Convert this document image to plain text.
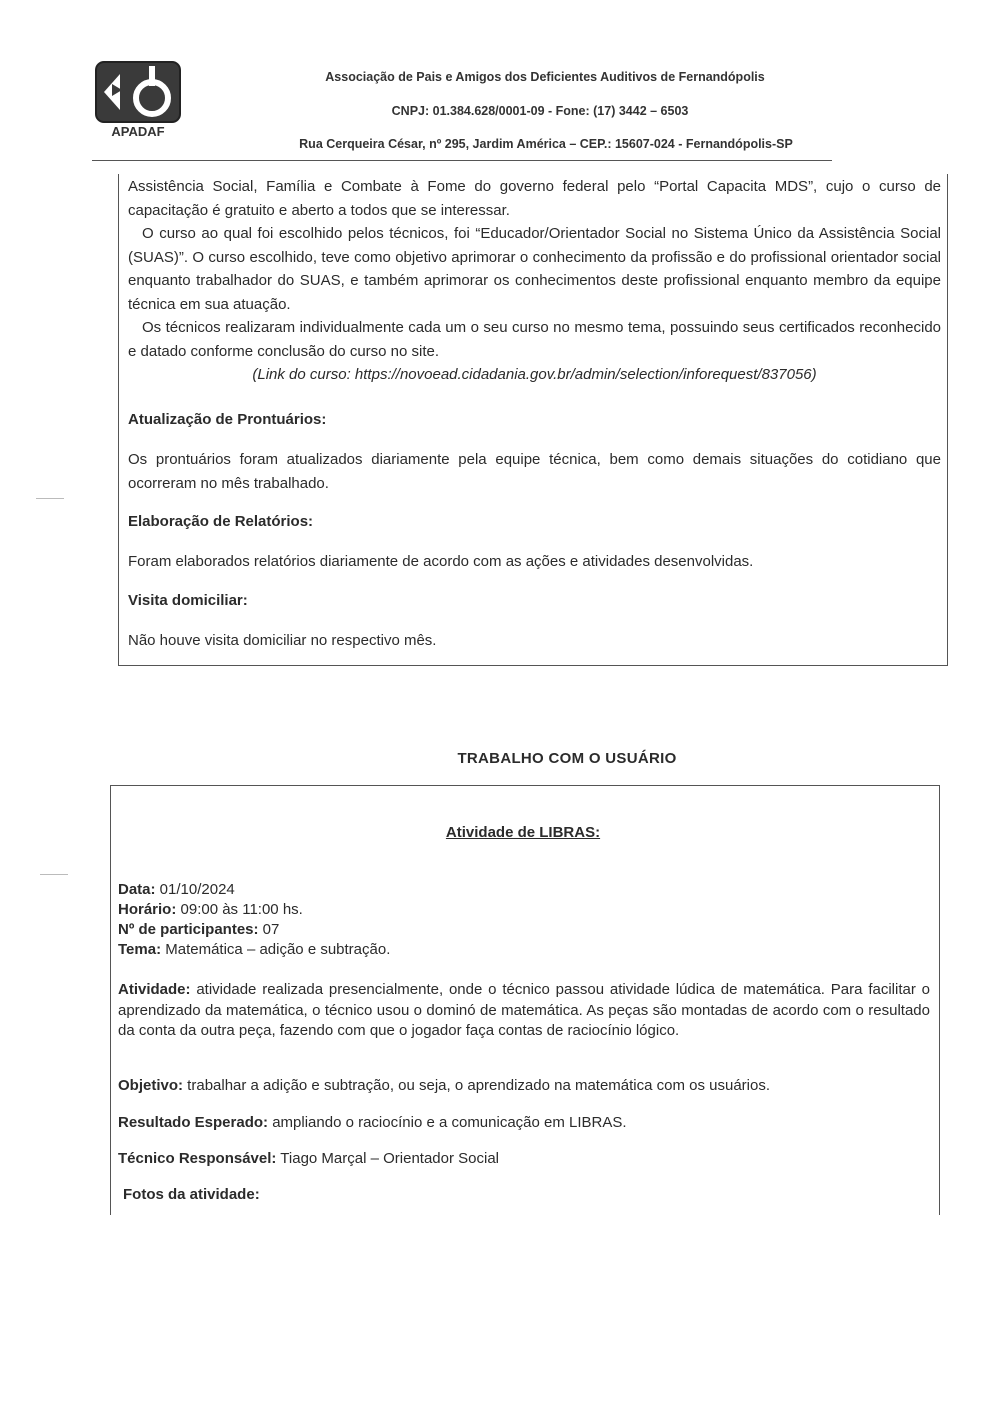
APADAF
Associação de Pais e Amigos dos Deficientes Auditivos de Fernandópolis
CNPJ: 01.384.628/0001-09 - Fone: (17) 3442 – 6503
Rua Cerqueira César, nº 295, Jardim América – CEP.: 15607-024 - Fernandópolis-SP
Assistência Social, Família e Combate à Fome do governo federal pelo “Portal Capacita MDS”, cujo o curso de capacitação é gratuito e aberto a todos que se interessar.
O curso ao qual foi escolhido pelos técnicos, foi “Educador/Orientador Social no Sistema Único da Assistência Social (SUAS)”. O curso escolhido, teve como objetivo aprimorar o conhecimento da profissão e do profissional orientador social enquanto trabalhador do SUAS, e também aprimorar os conhecimentos deste profissional enquanto membro da equipe técnica em sua atuação.
Os técnicos realizaram individualmente cada um o seu curso no mesmo tema, possuindo seus certificados reconhecido e datado conforme conclusão do curso no site.
(Link do curso: https://novoead.cidadania.gov.br/admin/selection/inforequest/837056)
Atualização de Prontuários:
Os prontuários foram atualizados diariamente pela equipe técnica, bem como demais situações do cotidiano que ocorreram no mês trabalhado.
Elaboração de Relatórios:
Foram elaborados relatórios diariamente de acordo com as ações e atividades desenvolvidas.
Visita domiciliar:
Não houve visita domiciliar no respectivo mês.
TRABALHO COM O USUÁRIO
Atividade de LIBRAS:
Data: 01/10/2024
Horário: 09:00 às 11:00 hs.
Nº de participantes: 07
Tema: Matemática – adição e subtração.
Atividade: atividade realizada presencialmente, onde o técnico passou atividade lúdica de matemática. Para facilitar o aprendizado da matemática, o técnico usou o dominó de matemática. As peças são montadas de acordo com o resultado da conta da outra peça, fazendo com que o jogador faça contas de raciocínio lógico.
Objetivo: trabalhar a adição e subtração, ou seja, o aprendizado na matemática com os usuários.
Resultado Esperado: ampliando o raciocínio e a comunicação em LIBRAS.
Técnico Responsável: Tiago Marçal – Orientador Social
Fotos da atividade:
